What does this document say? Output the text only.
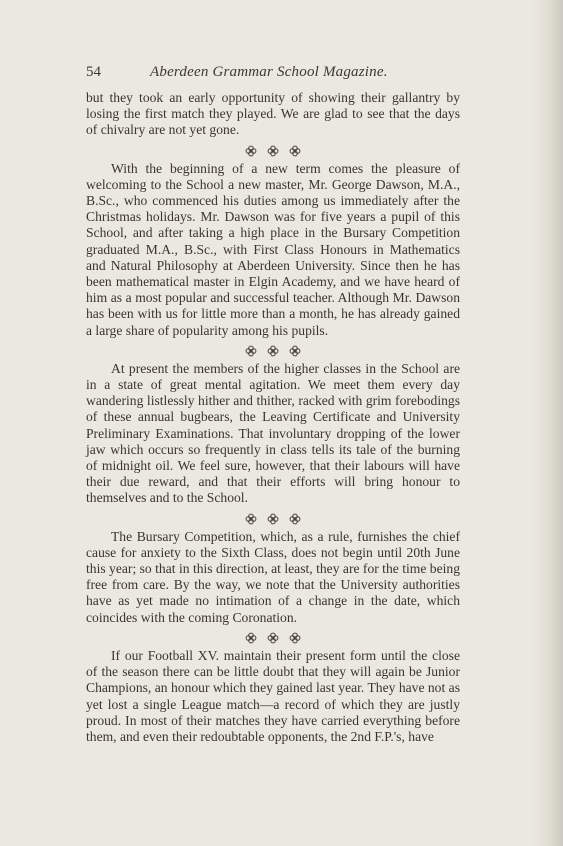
54	Aberdeen Grammar School Magazine.

but they took an early opportunity of showing their gallantry by losing the first match they played. We are glad to see that the days of chivalry are not yet gone.

With the beginning of a new term comes the pleasure of welcoming to the School a new master, Mr. George Dawson, M.A., B.Sc., who commenced his duties among us immediately after the Christmas holidays. Mr. Dawson was for five years a pupil of this School, and after taking a high place in the Bursary Competition graduated M.A., B.Sc., with First Class Honours in Mathematics and Natural Philosophy at Aberdeen University. Since then he has been mathematical master in Elgin Academy, and we have heard of him as a most popular and successful teacher. Although Mr. Dawson has been with us for little more than a month, he has already gained a large share of popularity among his pupils.

At present the members of the higher classes in the School are in a state of great mental agitation. We meet them every day wandering listlessly hither and thither, racked with grim forebodings of these annual bugbears, the Leaving Certificate and University Preliminary Examinations. That involuntary dropping of the lower jaw which occurs so frequently in class tells its tale of the burning of midnight oil. We feel sure, however, that their labours will have their due reward, and that their efforts will bring honour to themselves and to the School.

The Bursary Competition, which, as a rule, furnishes the chief cause for anxiety to the Sixth Class, does not begin until 20th June this year; so that in this direction, at least, they are for the time being free from care. By the way, we note that the University authorities have as yet made no intimation of a change in the date, which coincides with the coming Coronation.

If our Football XV. maintain their present form until the close of the season there can be little doubt that they will again be Junior Champions, an honour which they gained last year. They have not as yet lost a single League match—a record of which they are justly proud. In most of their matches they have carried everything before them, and even their redoubtable opponents, the 2nd F.P.'s, have
